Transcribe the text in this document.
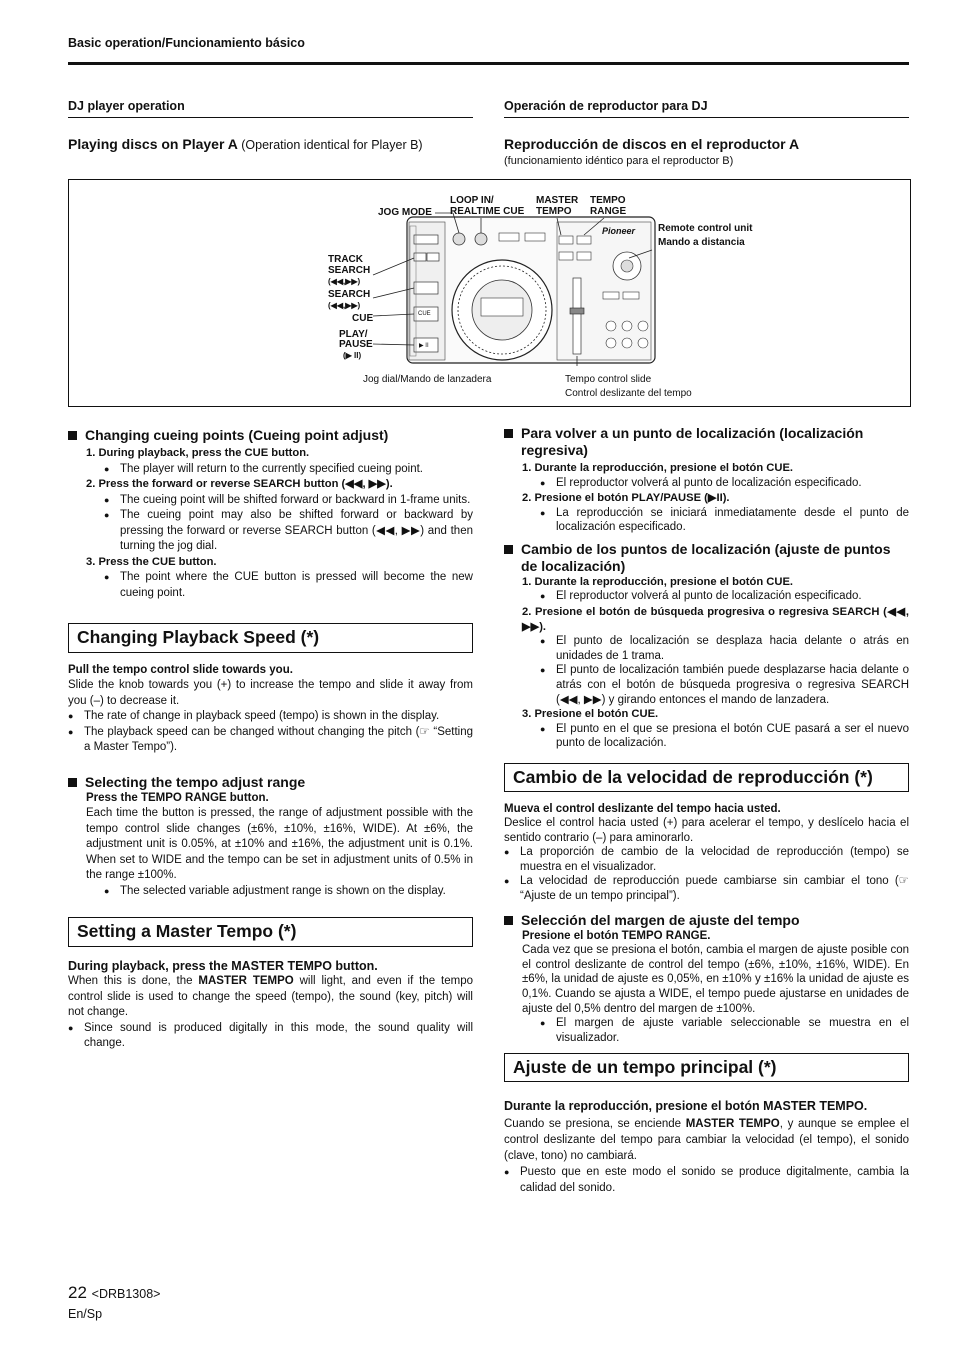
Basic operation/Funcionamiento básico
DJ player operation
Playing discs on Player A (Operation identical for Player B)
Operación de reproductor para DJ
Reproducción de discos en el reproductor A
(funcionamiento idéntico para el reproductor B)
JOG MODE
LOOP IN/
REALTIME CUE
MASTER
TEMPO
TEMPO
RANGE
TRACK
SEARCH
(◀◀,▶▶)
SEARCH
(◀◀,▶▶)
CUE
PLAY/
PAUSE
(▶ II)
Remote control unit
Mando a distancia
Jog dial/Mando de lanzadera	Tempo control slide
Control deslizante del tempo
Pioneer
CUE
▶ II
Changing cueing points (Cueing point adjust)
1. During playback, press the CUE button.
● The player will return to the currently specified cueing point.
2. Press the forward or reverse SEARCH button (◀◀, ▶▶).
● The cueing point will be shifted forward or backward in 1-frame units.
● The cueing point may also be shifted forward or backward by pressing the forward or reverse SEARCH button (◀◀, ▶▶) and then turning the jog dial.
3. Press the CUE button.
● The point where the CUE button is pressed will become the new cueing point.
Changing Playback Speed (*)

Pull the tempo control slide towards you.

Slide the knob towards you (+) to increase the tempo and slide it away from you (–) to decrease it.

● The rate of change in playback speed (tempo) is shown in the display.
● The playback speed can be changed without changing the pitch (☞ “Setting a Master Tempo”).
Selecting the tempo adjust range
Press the TEMPO RANGE button.
Each time the button is pressed, the range of adjustment possible with the tempo control slide changes (±6%, ±10%, ±16%, WIDE). At ±6%, the adjustment unit is 0.05%, at ±10% and ±16%, the adjustment unit is 0.1%. When set to WIDE and the tempo can be set in adjustment units of 0.5% in the range ±100%.
● The selected variable adjustment range is shown on the display.
Setting a Master Tempo (*)

During playback, press the MASTER TEMPO button.

When this is done, the MASTER TEMPO will light, and even if the tempo control slide is used to change the speed (tempo), the sound (key, pitch) will not change.

● Since sound is produced digitally in this mode, the sound quality will change.
Para volver a un punto de localización (localización regresiva)
1. Durante la reproducción, presione el botón CUE.
● El reproductor volverá al punto de localización especificado.
2. Presione el botón PLAY/PAUSE (▶II).
● La reproducción se iniciará inmediatamente desde el punto de localización especificado.
Cambio de los puntos de localización (ajuste de puntos de localización)
1. Durante la reproducción, presione el botón CUE.
● El reproductor volverá al punto de localización especificado.
2. Presione el botón de búsqueda progresiva o regresiva SEARCH (◀◀, ▶▶).
● El punto de localización se desplaza hacia delante o atrás en unidades de 1 trama.
● El punto de localización también puede desplazarse hacia delante o atrás con el botón de búsqueda progresiva o regresiva SEARCH (◀◀, ▶▶) y girando entonces el mando de lanzadera.
3. Presione el botón CUE.
● El punto en el que se presiona el botón CUE pasará a ser el nuevo punto de localización.
Cambio de la velocidad de reproducción (*)

Mueva el control deslizante del tempo hacia usted.

Deslice el control hacia usted (+) para acelerar el tempo, y deslícelo hacia el sentido contrario (–) para aminorarlo.

● La proporción de cambio de la velocidad de reproducción (tempo) se muestra en el visualizador.
● La velocidad de reproducción puede cambiarse sin cambiar el tono (☞ “Ajuste de un tempo principal”).
Selección del margen de ajuste del tempo
Presione el botón TEMPO RANGE.
Cada vez que se presiona el botón, cambia el margen de ajuste posible con el control deslizante de control del tempo (±6%, ±10%, ±16%, WIDE). En ±6%, la unidad de ajuste es 0,05%, en ±10% y ±16% la unidad de ajuste es 0,1%. Cuando se ajusta a WIDE, el tempo puede ajustarse en unidades de ajuste del 0,5% dentro del margen de ±100%.
● El margen de ajuste variable seleccionable se muestra en el visualizador.
Ajuste de un tempo principal (*)

Durante la reproducción, presione el botón MASTER TEMPO.

Cuando se presiona, se enciende MASTER TEMPO, y aunque se emplee el control deslizante del tempo para cambiar la velocidad (el tempo), el sonido (clave, tono) no cambiará.

● Puesto que en este modo el sonido se produce digitalmente, cambia la calidad del sonido.
22 <DRB1308>
En/Sp
